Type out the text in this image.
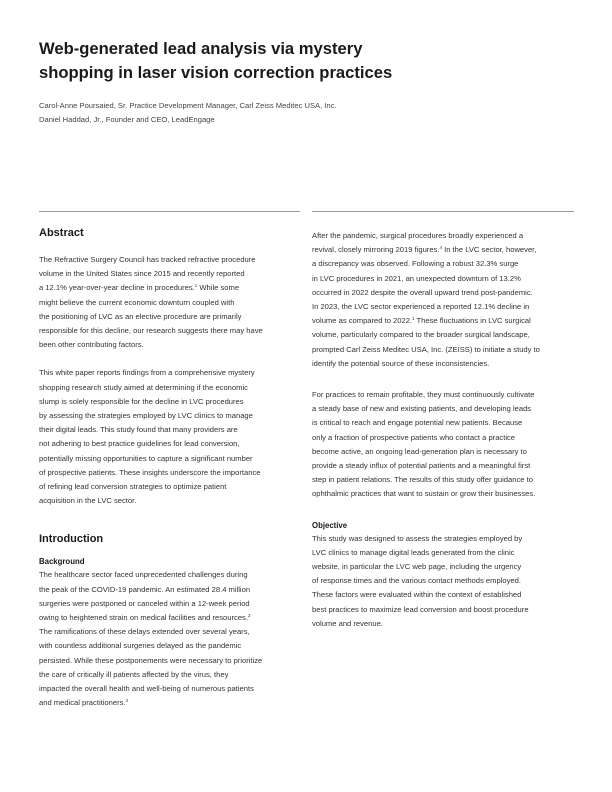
Web-generated lead analysis via mystery
shopping in laser vision correction practices
Carol-Anne Poursaied, Sr. Practice Development Manager, Carl Zeiss Meditec USA, Inc.
Daniel Haddad, Jr., Founder and CEO, LeadEngage
Abstract
The Refractive Surgery Council has tracked refractive procedure
volume in the United States since 2015 and recently reported
a 12.1% year-over-year decline in procedures.$^1$ While some
might believe the current economic downturn coupled with
the positioning of LVC as an elective procedure are primarily
responsible for this decline, our research suggests there may have
been other contributing factors.
This white paper reports findings from a comprehensive mystery
shopping research study aimed at determining if the economic
slump is solely responsible for the decline in LVC procedures
by assessing the strategies employed by LVC clinics to manage
their digital leads. This study found that many providers are
not adhering to best practice guidelines for lead conversion,
potentially missing opportunities to capture a significant number
of prospective patients. These insights underscore the importance
of refining lead conversion strategies to optimize patient
acquisition in the LVC sector.
Introduction
Background
The healthcare sector faced unprecedented challenges during
the peak of the COVID-19 pandemic. An estimated 28.4 million
surgeries were postponed or canceled within a 12-week period
owing to heightened strain on medical facilities and resources.$^2$
The ramifications of these delays extended over several years,
with countless additional surgeries delayed as the pandemic
persisted. While these postponements were necessary to prioritize
the care of critically ill patients affected by the virus, they
impacted the overall health and well-being of numerous patients
and medical practitioners.$^3$
After the pandemic, surgical procedures broadly experienced a
revival, closely mirroring 2019 figures.$^4$ In the LVC sector, however,
a discrepancy was observed. Following a robust 32.3% surge
in LVC procedures in 2021, an unexpected downturn of 13.2%
occurred in 2022 despite the overall upward trend post-pandemic.
In 2023, the LVC sector experienced a reported 12.1% decline in
volume as compared to 2022.$^1$ These fluctuations in LVC surgical
volume, particularly compared to the broader surgical landscape,
prompted Carl Zeiss Meditec USA, Inc. (ZEISS) to initiate a study to
identify the potential source of these inconsistencies.
For practices to remain profitable, they must continuously cultivate
a steady base of new and existing patients, and developing leads
is critical to reach and engage potential new patients. Because
only a fraction of prospective patients who contact a practice
become active, an ongoing lead-generation plan is necessary to
provide a steady influx of potential patients and a meaningful first
step in patient relations. The results of this study offer guidance to
ophthalmic practices that want to sustain or grow their businesses.
Objective
This study was designed to assess the strategies employed by
LVC clinics to manage digital leads generated from the clinic
website, in particular the LVC web page, including the urgency
of response times and the various contact methods employed.
These factors were evaluated within the context of established
best practices to maximize lead conversion and boost procedure
volume and revenue.
